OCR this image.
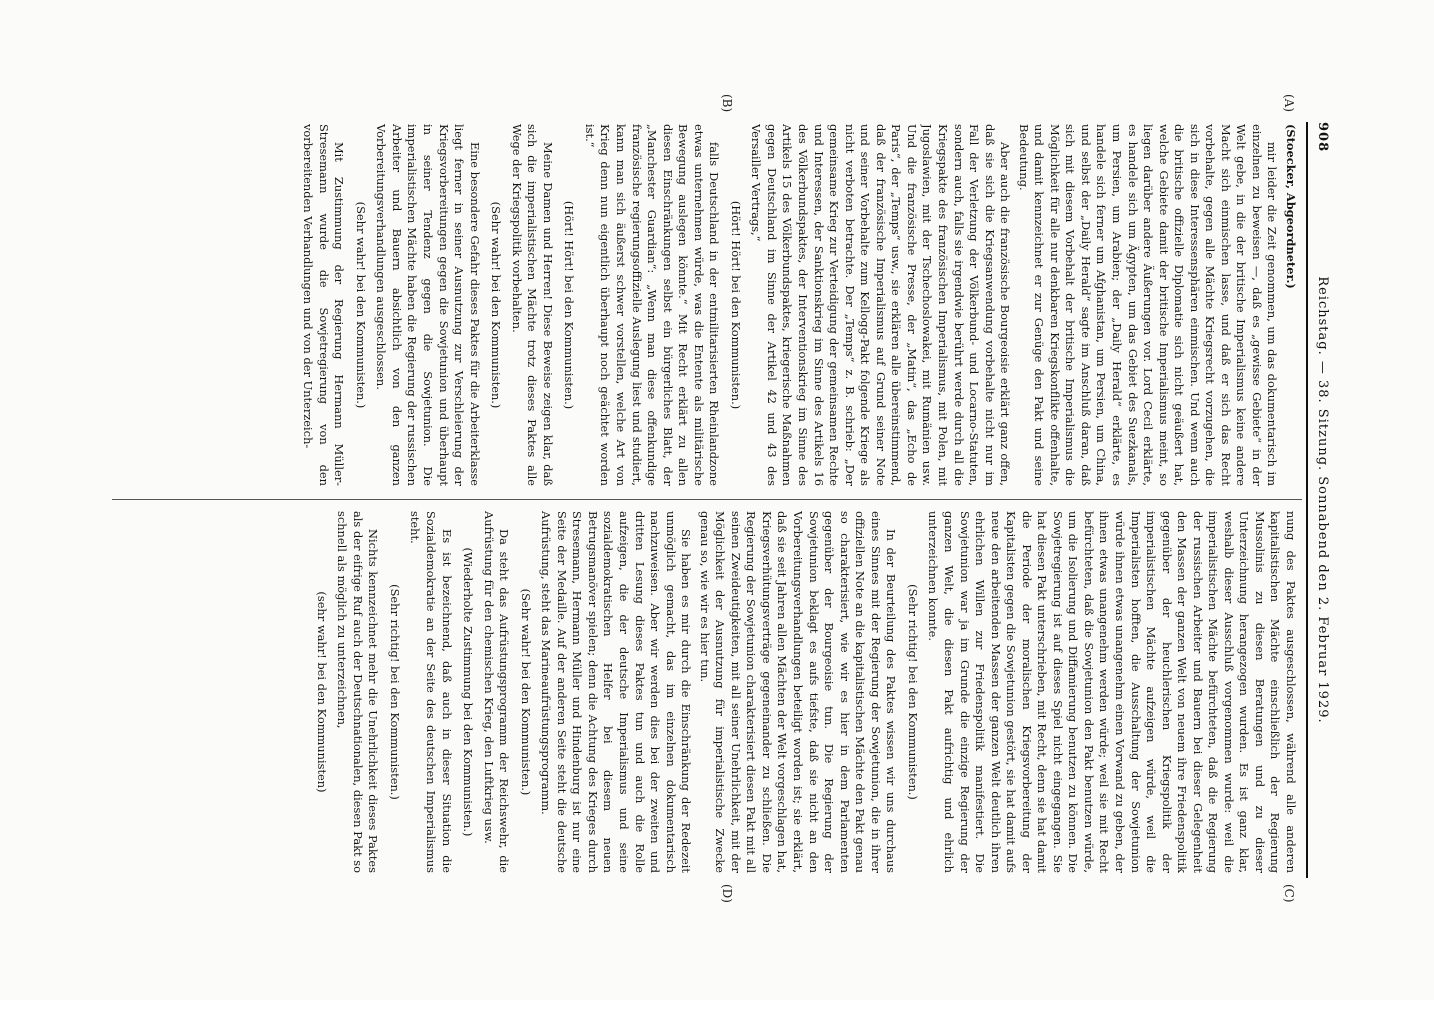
908
Reichstag. — 38. Sitzung. Sonnabend den 2. Februar 1929.
(A)
(B)
(C)
(D)

(Stoecker, Abgeordneter.)

mir leider die Zeit genommen, um das dokumentarisch im einzelnen zu beweisen —, daß es „gewisse Gebiete“ in der Welt gebe, in die der britische Imperialismus keine andere Macht sich einmischen lasse, und daß er sich das Recht vorbehalte, gegen alle Mächte Kriegsrecht vorzugehen, die sich in diese Interessensphären einmischen. Und wenn auch die britische offizielle Diplomatie sich nicht geäußert hat, welche Gebiete damit der britische Imperialismus meint, so liegen darüber andere Äußerungen vor. Lord Cecil erklärte, es handele sich um Ägypten, um das Gebiet des Suezkanals, um Persien, um Arabien; der „Daily Herald“ erklärte, es handele sich ferner um Afghanistan, um Persien, um China, und selbst der „Daily Herald“ sagte im Anschluß daran, daß sich mit diesem Vorbehalt der britische Imperialismus die Möglichkeit für alle nur denkbaren Kriegskonflikte offenhalte, und damit kennzeichnet er zur Genüge den Pakt und seine Bedeutung.

Aber auch die französische Bourgeoisie erklärt ganz offen, daß sie sich die Kriegsanwendung vorbehalte nicht nur im Fall der Verletzung der Völkerbund- und Locarno-Statuten, sondern auch, falls sie irgendwie berührt werde durch all die Kriegspakte des französischen Imperialismus, mit Polen, mit Jugoslawien, mit der Tschechoslowakei, mit Rumänien usw. Und die französische Presse, der „Matin“, das „Echo de Paris“, der „Temps“ usw., sie erklären alle übereinstimmend, daß der französische Imperialismus auf Grund seiner Note und seiner Vorbehalte zum Kellogg-Pakt folgende Kriege als nicht verboten betrachte. Der „Temps“ z. B. schrieb: „Der gemeinsame Krieg zur Verteidigung der gemeinsamen Rechte und Interessen, der Sanktionskrieg im Sinne des Artikels 16 des Völkerbundspaktes, der Interventionskrieg im Sinne des Artikels 15 des Völkerbundspaktes, kriegerische Maßnahmen gegen Deutschland im Sinne der Artikel 42 und 43 des Versailler Vertrags,“

(Hört! Hört! bei den Kommunisten.)

falls Deutschland in der entmilitarisierten Rheinlandzone etwas unternehmen würde, was die Entente als militärische Bewegung auslegen könnte.“ Mit Recht erklärt zu allen diesen Einschränkungen selbst ein bürgerliches Blatt, der „Manchester Guardian“: „Wenn man diese offenkundige französische regierungsoffizielle Auslegung liest und studiert, kann man sich äußerst schwer vorstellen, welche Art von Krieg denn nun eigentlich überhaupt noch geächtet worden ist.“

(Hört! Hört! bei den Kommunisten.)

Meine Damen und Herren! Diese Beweise zeigen klar, daß sich die imperialistischen Mächte trotz dieses Paktes alle Wege der Kriegspolitik vorbehalten.

(Sehr wahr! bei den Kommunisten.)

Eine besondere Gefahr dieses Paktes für die Arbeiterklasse liegt ferner in seiner Ausnutzung zur Verschleierung der Kriegsvorbereitungen gegen die Sowjetunion und überhaupt in seiner Tendenz gegen die Sowjetunion. Die imperialistischen Mächte haben die Regierung der russischen Arbeiter und Bauern absichtlich von den ganzen Vorbereitungsverhandlungen ausgeschlossen.

(Sehr wahr! bei den Kommunisten.)

Mit Zustimmung der Regierung Hermann Müller-Stresemann wurde die Sowjetregierung von den vorbereitenden Verhandlungen und von der Unterzeich-

nung des Paktes ausgeschlossen, während alle anderen kapitalistischen Mächte einschließlich der Regierung Mussolinis zu diesen Beratungen und zu dieser Unterzeichnung herangezogen wurden. Es ist ganz klar, weshalb dieser Ausschluß vorgenommen wurde: weil die imperialistischen Mächte befürchteten, daß die Regierung der russischen Arbeiter und Bauern bei dieser Gelegenheit den Massen der ganzen Welt von neuem ihre Friedenspolitik gegenüber der heuchlerischen Kriegspolitik der imperialistischen Mächte aufzeigen würde, weil die Imperialisten hofften, die Ausschaltung der Sowjetunion würde ihnen etwas unangenehm einen Vorwand zu geben, der ihnen etwas unangenehm werden würde; weil sie mit Recht befürchteten, daß die Sowjetunion den Pakt benutzen würde, um die Isolierung und Diffamierung benutzen zu können. Die Sowjetregierung ist auf dieses Spiel nicht eingegangen. Sie hat diesen Pakt unterschrieben, mit Recht, denn sie hat damit die Periode der moralischen Kriegsvorbereitung der Kapitalisten gegen die Sowjetunion gestört, sie hat damit aufs neue den arbeitenden Massen der ganzen Welt deutlich ihren ehrlichen Willen zur Friedenspolitik manifestiert. Die Sowjetunion war ja im Grunde die einzige Regierung der ganzen Welt, die diesen Pakt aufrichtig und ehrlich unterzeichnen konnte.

(Sehr richtig! bei den Kommunisten.)

In der Beurteilung des Paktes wissen wir uns durchaus eines Sinnes mit der Regierung der Sowjetunion, die in ihrer offiziellen Note an die kapitalistischen Mächte den Pakt genau so charakterisiert, wie wir es hier in dem Parlamenten gegenüber der Bourgeoisie tun. Die Regierung der Sowjetunion beklagt es aufs tiefste, daß sie nicht an den Vorbereitungsverhandlungen beteiligt worden ist; sie erklärt, daß sie seit Jahren allen Mächten der Welt vorgeschlagen hat, Kriegsverhütungsverträge gegeneinander zu schließen. Die Regierung der Sowjetunion charakterisiert diesen Pakt mit all seinen Zweideutigkeiten, mit all seiner Unehrlichkeit, mit der Möglichkeit der Ausnutzung für imperialistische Zwecke genau so, wie wir es hier tun.

Sie haben es mir durch die Einschränkung der Redezeit unmöglich gemacht, das im einzelnen dokumentarisch nachzuweisen. Aber wir werden dies bei der zweiten und dritten Lesung dieses Paktes tun und auch die Rolle aufzeigen, die der deutsche Imperialismus und seine sozialdemokratischen Helfer bei diesem neuen Betrugsmanöver spielen; denn die Achtung des Krieges durch Stresemann, Hermann Müller und Hindenburg ist nur eine Seite der Medaille. Auf der anderen Seite steht die deutsche Aufrüstung, steht das Marineaufrüstungsprogramm.

(Sehr wahr! bei den Kommunisten.)

Da steht das Aufrüstungsprogramm der Reichswehr, die Aufrüstung für den chemischen Krieg, den Luftkrieg usw.

(Wiederholte Zustimmung bei den Kommunisten.)

Es ist bezeichnend, daß auch in dieser Situation die Sozialdemokratie an der Seite des deutschen Imperialismus steht.

(Sehr richtig! bei den Kommunisten.)

Nichts kennzeichnet mehr die Unehrlichkeit dieses Paktes als der eifrige Ruf auch der Deutschnationalen, diesen Pakt so schnell als möglich zu unterzeichnen,

(sehr wahr! bei den Kommunisten)
